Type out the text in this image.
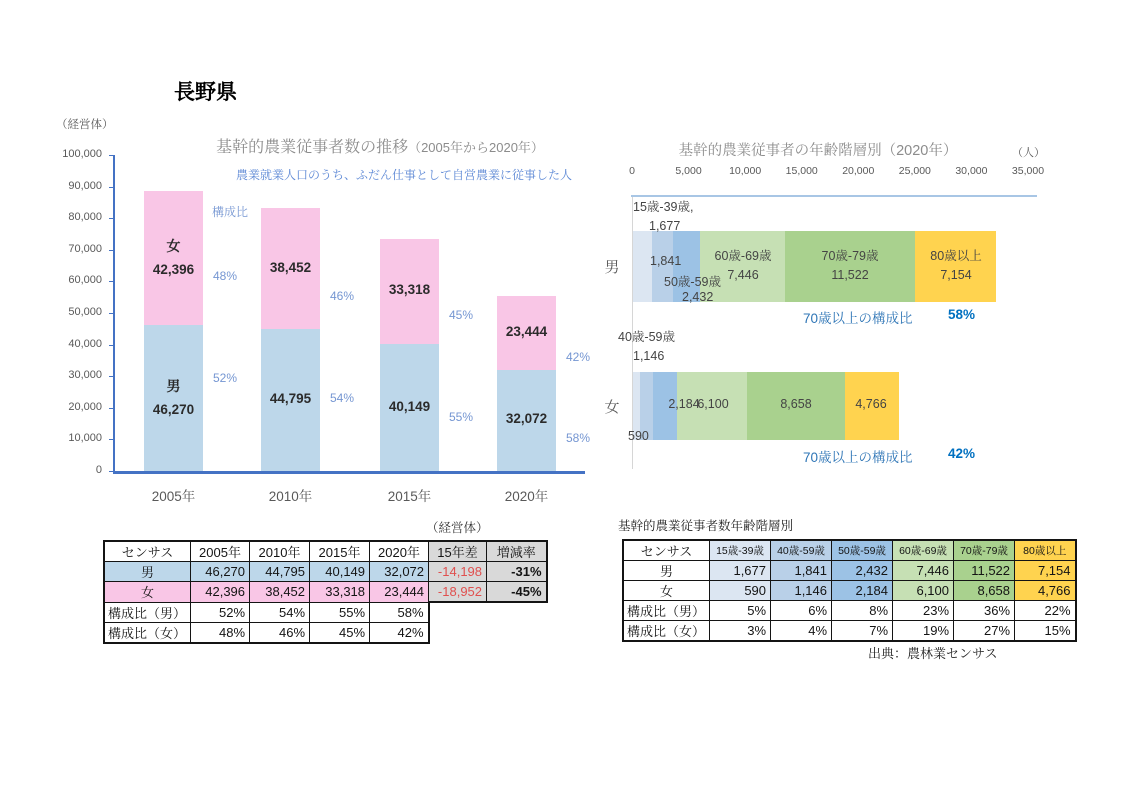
長野県
（経営体）
基幹的農業従事者数の推移（2005年から2020年）
農業就業人口のうち、ふだん仕事として自営農業に従事した人
構成比
100,000
90,000
80,000
70,000
60,000
50,000
40,000
30,000
20,000
10,000
0
女
42,396
男
46,270
48%
52%
2005年
38,452
44,795
46%
54%
2010年
33,318
40,149
45%
55%
2015年
23,444
32,072
42%
58%
2020年
基幹的農業従事者の年齢階層別（2020年）	（人）
0	5,000	10,000	15,000	20,000	25,000	30,000	35,000
男
15歳-39歳,
1,677
1,841
50歳-59歳
2,432
60歳-69歳
7,446
70歳-79歳
11,522
80歳以上
7,154
70歳以上の構成比	58%
女
40歳-59歳
1,146
590
2,184
6,100	8,658	4,766
70歳以上の構成比	42%
（経営体）
センサス	2005年	2010年	2015年	2020年	15年差	増減率
男	46,270	44,795	40,149	32,072	-14,198	-31%
女	42,396	38,452	33,318	23,444	-18,952	-45%
構成比（男）	52%	54%	55%	58%		
構成比（女）	48%	46%	45%	42%		
基幹的農業従事者数年齢階層別
センサス	15歳-39歳	40歳-59歳	50歳-59歳	60歳-69歳	70歳-79歳	80歳以上
男	1,677	1,841	2,432	7,446	11,522	7,154
女	590	1,146	2,184	6,100	8,658	4,766
構成比（男）	5%	6%	8%	23%	36%	22%
構成比（女）	3%	4%	7%	19%	27%	15%
出典：農林業センサス
